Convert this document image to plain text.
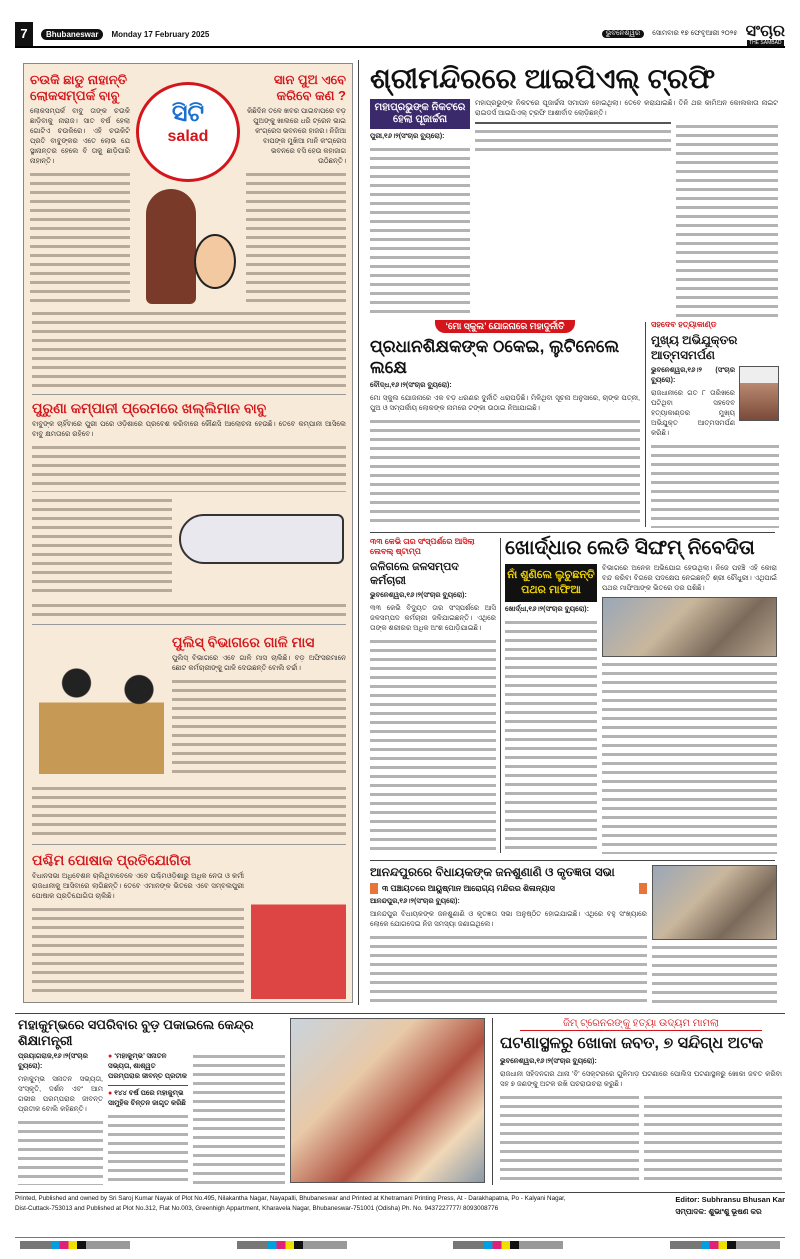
7	Bhubaneswar	Monday 17 February 2025	ଭୁବନେଶ୍ୱର	ସୋମବାର ୧୭ ଫେବୃଆରୀ ୨୦୨୫ ସଂଚାର
THE SAMBAD
ଚଉକି ଛାଡୁ ନାହାନ୍ତି ଲୋକସମ୍ପର୍କ ବାବୁ
ଲୋକସମ୍ପର୍କ ବାବୁ ତାଙ୍କ ଚଉକି ଛାଡ଼ିବାକୁ ନାରାଜ। ସାତ ବର୍ଷ ହେଲା ଗୋଟିଏ ଚଉକିରେ। ଏହି ଚଉକିଟି ପ୍ରତି ବାବୁଙ୍କର ଏତେ ଲୋଭ ଯେ ସ୍ଥାନାନ୍ତର ହେଲେ ବି ତାକୁ ଛାଡ଼ିପାରି ନାହାନ୍ତି।
ସିଟି
salad
ସାନ ପୁଅ ଏବେ କରିବେ କଣ ?
କିଛିଦିନ ତଳେ ଖବର ପାଇବାପରେ ବଡ଼ ପୁଅଙ୍କୁ ଖାଲରେ ଧରି ଟ୍ରେନ ଭାଇ କଂଗ୍ରେସ ଭବନରେ ହାଜର। ନିଜିଆ ବାପଙ୍କ ମୁଖିଆ ମାନି କଂଗ୍ରେସ ଭବନରେ ବସି ହେଉ କହାଜାଗ ଉଠିଛନ୍ତି।
ପୁରୁଣା କମ୍ପାନୀ ପ୍ରେମରେ ଖଲ୍ଲିମାନ ବାବୁ
ବାବୁଙ୍କ ଚାହିଁବାରେ ପୁରୀ ପରେ ଓଡ଼ିଶାରେ ପ୍ରବେଶ କରିବାରେ କୌଣସି ଆଲୋଚନା ହେଉଛି। ତେବେ କମ୍ପାନୀ ଆସିଲେ ବାବୁ କ୍ଷମତାରେ ରହିବେ।
ପୁଲିସ୍ ବିଭାଗରେ ଗାଳି ମାସ
ପୁଲିସ୍ ବିଭାଗରେ ଏବେ ଗାଳି ମାସ ଚାଲିଛି। ବଡ଼ ଅଫିସରମାନେ ଛୋଟ କର୍ମଚାରୀଙ୍କୁ ଗାଳି ଦେଉଛନ୍ତି ବୋଲି ଚର୍ଚ୍ଚା।
ପଶ୍ଚିମ ପୋଷାକ ପ୍ରତିଯୋଗିତା
ବିଧାନସଭା ଅଧିବେଶନ ଚାଲିଥିବାବେଳେ ଏବେ ପଶ୍ଚିମଓଡ଼ିଶାରୁ ଅଧିକ ନେତା ଓ କର୍ମୀ ରାଜଧାନୀକୁ ଆସିବାରେ ଲାଗିଛନ୍ତି। ତେବେ ଏମାନଙ୍କ ଭିତରେ ଏବେ ସମ୍ବଲପୁରୀ ପୋଷାକ ପ୍ରତିଯୋଗିତା ଚାଲିଛି।
ଶ୍ରୀମନ୍ଦିରରେ ଆଇପିଏଲ୍ ଟ୍ରଫି
ମହାପ୍ରଭୁଙ୍କ ନିକଟରେ ହେଲା ପୂଜାର୍ଚ୍ଚନା
ପୁରୀ,୧୬।୨(ସଂଚାର ବ୍ୟୁରୋ):
ମହାପ୍ରଭୁଙ୍କ ନିକଟରେ ପୂଜାର୍ଚ୍ଚନା ସମାପନ ହୋଇଥିଲା। ତେବେ କରାଯାଇଛି। ତିନି ଥର କାମିଅନ କୋଲକାତା ନାଇଟ ରାଇଡର୍ସ ଆଇପିଏଲ୍ ଟ୍ରଫି ଆଶୀର୍ବାଦ ଲୋଡ଼ିଛନ୍ତି।
‘ମୋ ସ୍କୁଲ’ ଯୋଜନାରେ ମହାଦୁର୍ନୀତି
ପ୍ରଧାନଶିକ୍ଷକଙ୍କ ଠକେଇ, ଲୁଟିନେଲେ ଲକ୍ଷେ
ବୌଦ୍ଧ,୧୬।୨(ସଂଚାର ବ୍ୟୁରୋ):
ମୋ ସ୍କୁଲ ଯୋଜନାରେ ଏକ ବଡ଼ ଧରଣର ଦୁର୍ନୀତି ଧରାପଡ଼ିଛି। ମିଳିଥିବା ସୂଚନା ଅନୁସାରେ, ଚାଙ୍କ ପତ୍ନୀ, ପୁଅ ଓ ସମ୍ପର୍କୀୟ ଲୋକଙ୍କ ନାମରେ ଟଙ୍କା ଉଠାଇ ନିଆଯାଇଛି।
ସହଦେବ ହତ୍ୟାକାଣ୍ଡ
ମୁଖ୍ୟ ଅଭିଯୁକ୍ତର ଆତ୍ମସମର୍ପଣ
ଭୁବନେଶ୍ୱର,୧୬।୨ (ସଂଚାର ବ୍ୟୁରୋ):
ରାଜଧାନୀରେ ଗତ ୮ ତାରିଖରେ ଘଟିଥିବା ସହଦେବ ହତ୍ୟାକାଣ୍ଡର ମୁଖ୍ୟ ଅଭିଯୁକ୍ତ ଆତ୍ମସମର୍ପଣ କରିଛି।
୩୩ କେଭି ତାର ସଂସ୍ପର୍ଶରେ ଆସିଲା ଲେବଲ୍ ଷ୍ଟାମ୍ପ
ଜଳିଗଲେ ଜଳସମ୍ପଦ କର୍ମଚାରୀ
ଭୁବନେଶ୍ୱର,୧୬।୨(ସଂଚାର ବ୍ୟୁରୋ):
୩୩ କେଭି ବିଦ୍ୟୁତ ତାର ସଂସ୍ପର୍ଶରେ ଆସି ଜଳସମ୍ପଦ କର୍ମଚାରୀ ଜଳିଯାଇଛନ୍ତି। ଏଥିରେ ତାଙ୍କ ଶରୀରର ଅଧିକ ଅଂଶ ପୋଡ଼ିଯାଇଛି।
ଖୋର୍ଦ୍ଧାର ଲେଡି ସିଙ୍ଘମ୍ ନିବେଦିତା
ନାଁ ଶୁଣିଲେ ଲୁଚୁଛନ୍ତି ପଥର ମାଫିଆ
ଖୋର୍ଦ୍ଧା,୧୬।୨(ସଂଚାର ବ୍ୟୁରୋ):
ବିଭାଗରେ ଅନେକ ଅଭିଯୋଗ ହେଉଥିଲା। ନିଜେ ପହଞ୍ଚି ଏହି କୋରା ବନ୍ଦ କରିବା ବିଗରେ ପଦକ୍ଷେପ ନେଇଛନ୍ତି ଶ୍ରୀ ଚୌଧୁରୀ। ଏଥିପାଇଁ ପଥର ମାଫିଆଙ୍କ ଭିତରେ ଡର ପଶିଛି।
ଆନନ୍ଦପୁରରେ ବିଧାୟକଙ୍କ ଜନଶୁଣାଣି ଓ କୃତଜ୍ଞତା ସଭା
୩ ପଞ୍ଚାୟତରେ ଆୟୁଷ୍ମାନ ଆରୋଗ୍ୟ ମନ୍ଦିରର ଶିଳାନ୍ୟାସ
ଆନନ୍ଦପୁର,୧୬।୨(ସଂଚାର ବ୍ୟୁରୋ):
ଆନନ୍ଦପୁର ବିଧାୟକଙ୍କ ଜନଶୁଣାଣି ଓ କୃତଜ୍ଞତା ସଭା ଅନୁଷ୍ଠିତ ହୋଇଯାଇଛି। ଏଥିରେ ବହୁ ସଂଖ୍ୟାରେ ଲୋକେ ଯୋଗଦେଇ ନିଜ ସମସ୍ୟା ଜଣାଇଥିଲେ।
ମହାକୁମ୍ଭରେ ସପରିବାର ବୁଡ଼ ପକାଇଲେ କେନ୍ଦ୍ର ଶିକ୍ଷାମନ୍ତ୍ରୀ
ପ୍ରୟାଗରାଜ,୧୬।୨(ସଂଚାର ବ୍ୟୁରୋ):
ମହାକୁମ୍ଭ ସନାତନ ସଭ୍ୟତା, ସଂସ୍କୃତି, ଦର୍ଶନ ଏବଂ ଆମ ଗଭୀର ପରମ୍ପରାର ଜୀବନ୍ତ ପ୍ରତୀକ ବୋଲି କହିଛନ୍ତି।
● ‘ମହାକୁମ୍ଭ’ ସନାତନ ସଭ୍ୟତା, ଶାଶ୍ୱତ ପରମ୍ପରାର ଜୀବନ୍ତ ପ୍ରତୀକ
● ୧୪୪ ବର୍ଷ ପରେ ମହାକୁମ୍ଭ ସାମୁହିକ ଚିନ୍ତନ ଜାଗୃତ କରିଛି
ଜିମ୍ ଟ୍ରେନରଙ୍କୁ ହତ୍ୟା ଉଦ୍ୟମ ମାମଲା
ଘଟଣାସ୍ଥଳରୁ ଖୋକା ଜବତ, ୭ ସନ୍ଦିଗ୍ଧ ଅଟକ
ଭୁବନେଶ୍ୱର,୧୬।୨(ସଂଚାର ବ୍ୟୁରୋ):
ରାଜଧାନୀ ସହିଦନଗର ଥାନା 'ବି' ସେକ୍ଟରରେ ଗୁଳିମାଡ଼ ଘଟଣାରେ ପୋଲିସ ଘଟଣାସ୍ଥଳରୁ ଖୋକା ଜବତ କରିବା ସହ ୭ ଜଣଙ୍କୁ ଅଟକ ରଖି ପଚରାଉଚରା କରୁଛି।
Printed, Published and owned by Sri Saroj Kumar Nayak of Plot No.495, Nilakantha Nagar, Nayapalli, Bhubaneswar and Printed at Khetramani Printing Press, At - Darakhapatna, Po - Kalyani Nagar,
Dist-Cuttack-753013 and Published at Plot No.312, Flat No.003, Greenhigh Appartment, Kharavela Nagar, Bhubaneswar-751001 (Odisha) Ph. No. 9437227777/ 8093008776
Editor: Subhransu Bhusan Kar
ସମ୍ପାଦକ: ଶୁଭାଂଶୁ ଭୂଷଣ କର
